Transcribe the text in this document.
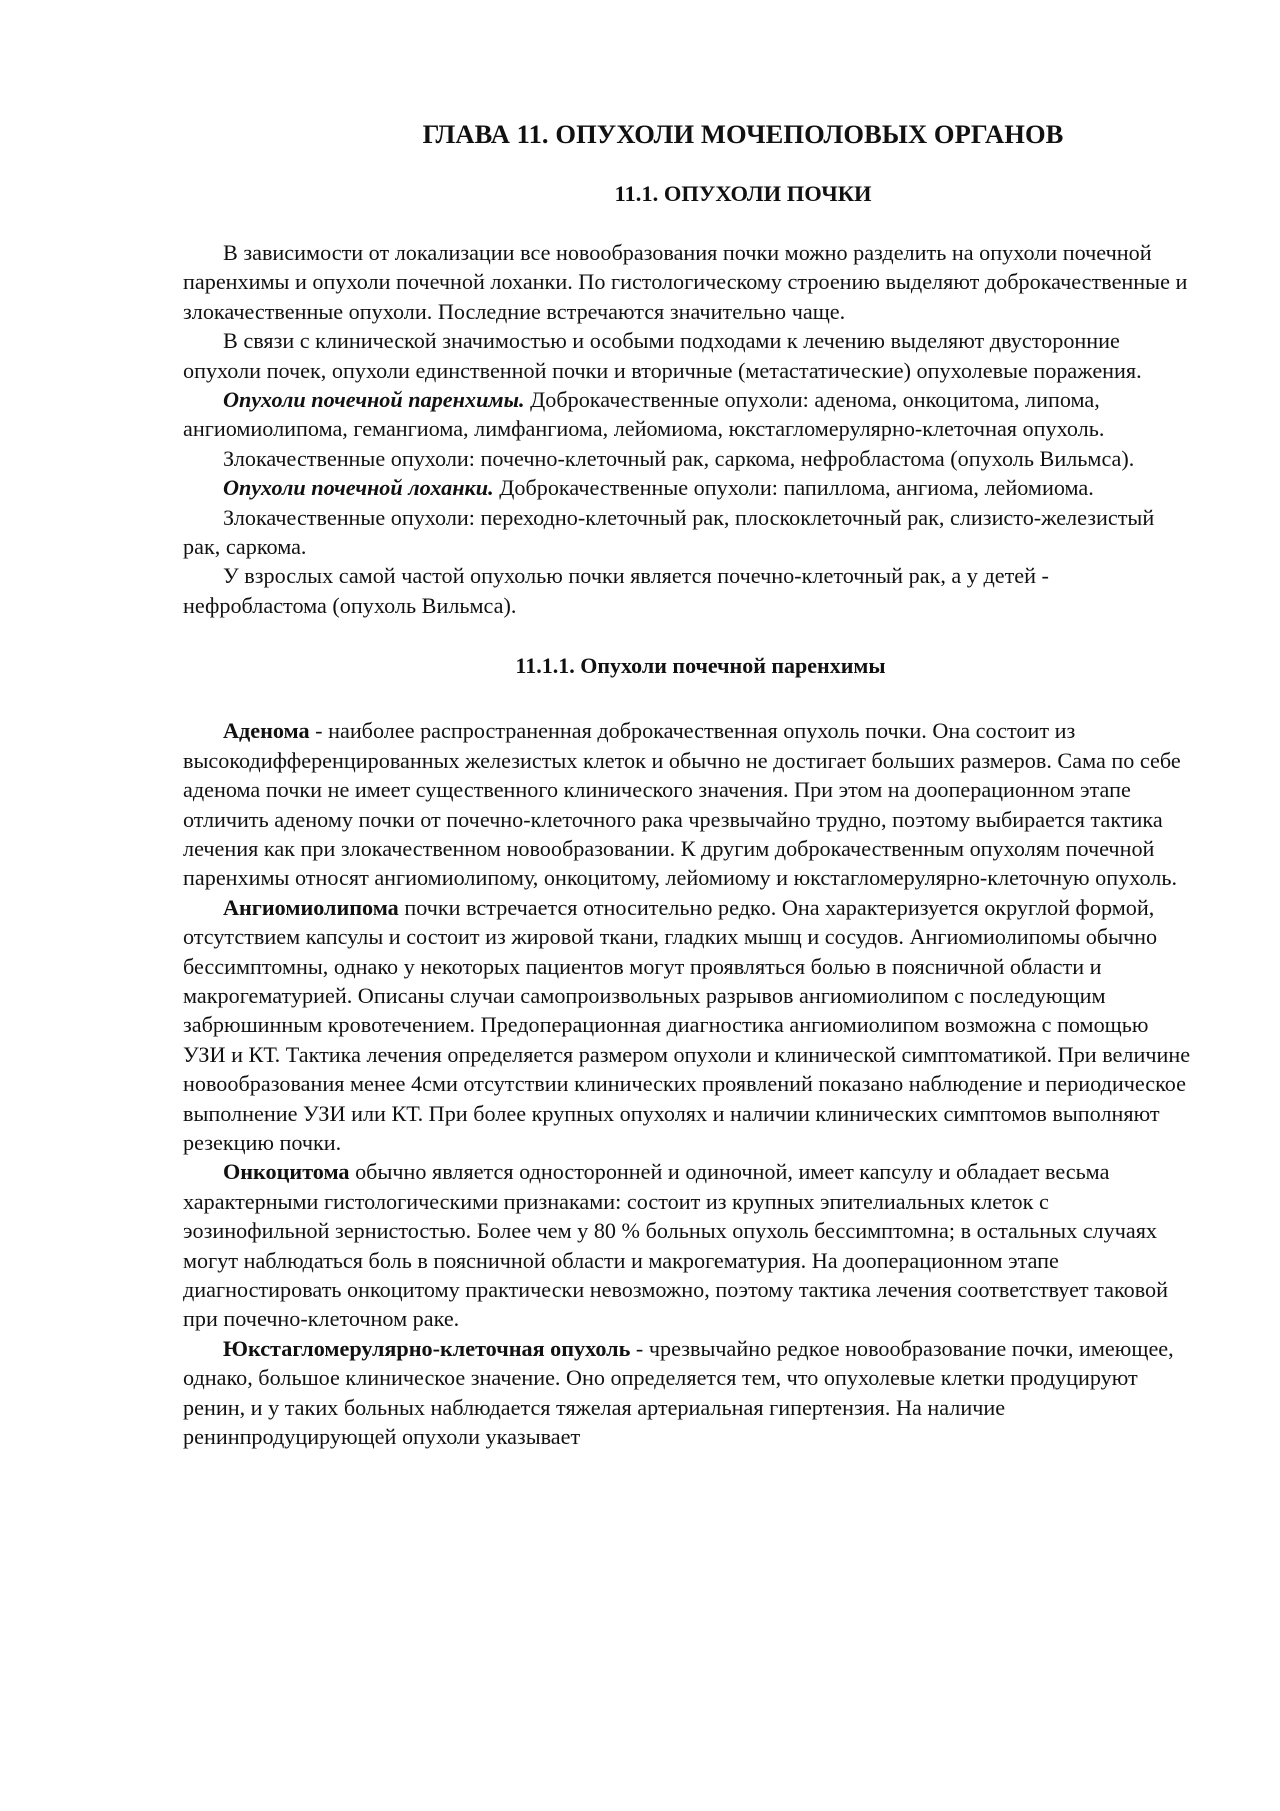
ГЛАВА 11. ОПУХОЛИ МОЧЕПОЛОВЫХ ОРГАНОВ
11.1. ОПУХОЛИ ПОЧКИ

В зависимости от локализации все новообразования почки можно разделить на опухоли почечной паренхимы и опухоли почечной лоханки. По гистологическому строению выделяют доброкачественные и злокачественные опухоли. Последние встречаются значительно чаще.

В связи с клинической значимостью и особыми подходами к лечению выделяют двусторонние опухоли почек, опухоли единственной почки и вторичные (метастатические) опухолевые поражения.

Опухоли почечной паренхимы. Доброкачественные опухоли: аденома, онкоцитома, липома, ангиомиолипома, гемангиома, лимфангиома, лейомиома, юкстагломерулярно-клеточная опухоль.

Злокачественные опухоли: почечно-клеточный рак, саркома, нефробластома (опухоль Вильмса).

Опухоли почечной лоханки. Доброкачественные опухоли: папиллома, ангиома, лейомиома.

Злокачественные опухоли: переходно-клеточный рак, плоскоклеточный рак, слизисто-железистый рак, саркома.

У взрослых самой частой опухолью почки является почечно-клеточный рак, а у детей - нефробластома (опухоль Вильмса).

11.1.1. Опухоли почечной паренхимы

Аденома - наиболее распространенная доброкачественная опухоль почки. Она состоит из высокодифференцированных железистых клеток и обычно не достигает больших размеров. Сама по себе аденома почки не имеет существенного клинического значения. При этом на дооперационном этапе отличить аденому почки от почечно-клеточного рака чрезвычайно трудно, поэтому выбирается тактика лечения как при злокачественном новообразовании. К другим доброкачественным опухолям почечной паренхимы относят ангиомиолипому, онкоцитому, лейомиому и юкстагломерулярно-клеточную опухоль.

Ангиомиолипома почки встречается относительно редко. Она характеризуется округлой формой, отсутствием капсулы и состоит из жировой ткани, гладких мышц и сосудов. Ангиомиолипомы обычно бессимптомны, однако у некоторых пациентов могут проявляться болью в поясничной области и макрогематурией. Описаны случаи самопроизвольных разрывов ангиомиолипом с последующим забрюшинным кровотечением. Предоперационная диагностика ангиомиолипом возможна с помощью УЗИ и КТ. Тактика лечения определяется размером опухоли и клинической симптоматикой. При величине новообразования менее 4сми отсутствии клинических проявлений показано наблюдение и периодическое выполнение УЗИ или КТ. При более крупных опухолях и наличии клинических симптомов выполняют резекцию почки.

Онкоцитома обычно является односторонней и одиночной, имеет капсулу и обладает весьма характерными гистологическими признаками: состоит из крупных эпителиальных клеток с эозинофильной зернистостью. Более чем у 80 % больных опухоль бессимптомна; в остальных случаях могут наблюдаться боль в поясничной области и макрогематурия. На дооперационном этапе диагностировать онкоцитому практически невозможно, поэтому тактика лечения соответствует таковой при почечно-клеточном раке.

Юкстагломерулярно-клеточная опухоль - чрезвычайно редкое новообразование почки, имеющее, однако, большое клиническое значение. Оно определяется тем, что опухолевые клетки продуцируют ренин, и у таких больных наблюдается тяжелая артериальная гипертензия. На наличие ренинпродуцирующей опухоли указывает
